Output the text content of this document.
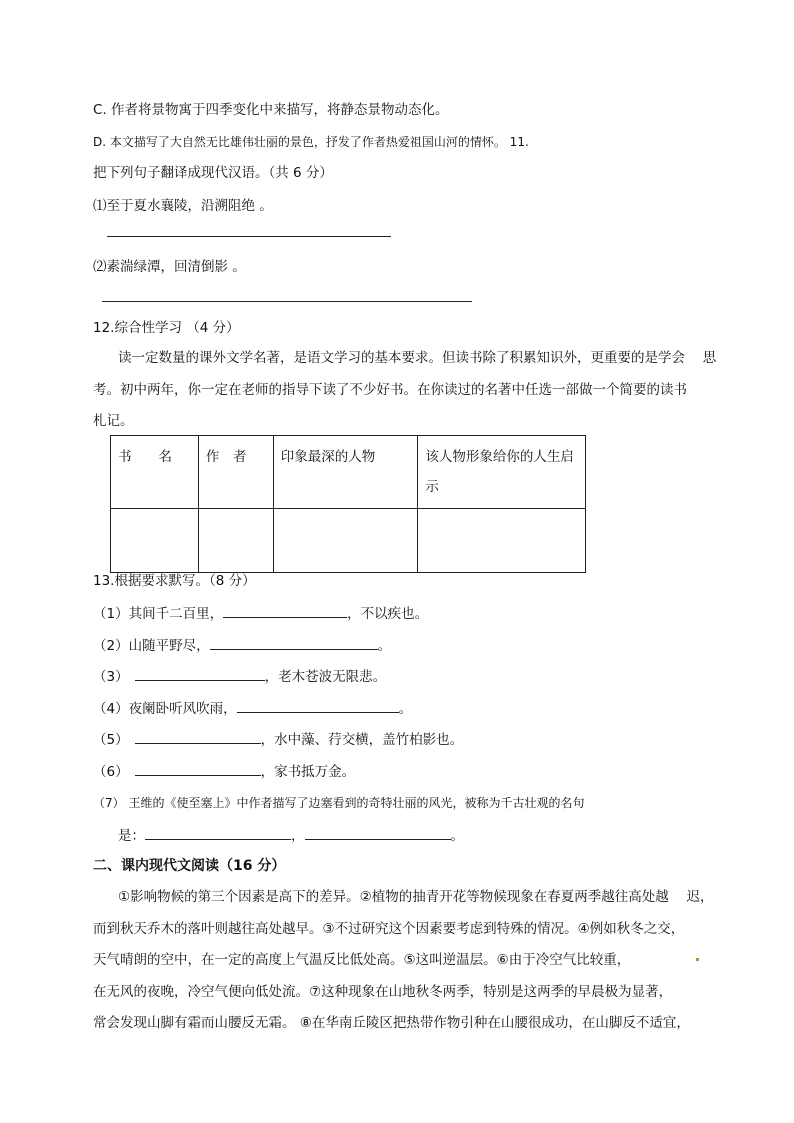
C. 作者将景物寓于四季变化中来描写，将静态景物动态化。
D. 本文描写了大自然无比雄伟壮丽的景色，抒发了作者热爱祖国山河的情怀。 11.
把下列句子翻译成现代汉语。（共 6 分）
⑴至于夏水襄陵，沿溯阻绝 。
⑵素湍绿潭，回清倒影 。
12.综合性学习 （4 分）
读一定数量的课外文学名著，是语文学习的基本要求。但读书除了积累知识外，更重要的是学会　 思
考。初中两年，你一定在老师的指导下读了不少好书。在你读过的名著中任选一部做一个简要的读书
札记。
书　　名	作　者	印象最深的人物	该人物形象给你的人生启示

13.根据要求默写。（8 分）
（1）其间千二百里，	，不以疾也。
（2）山随平野尽，	。
（3）	，老木苍波无限悲。
（4）夜阑卧听风吹雨，	。
（5）	，水中藻、荇交横，盖竹柏影也。
（6）	，家书抵万金。
（7） 王维的《使至塞上》中作者描写了边塞看到的奇特壮丽的风光，被称为千古壮观的名句
是：	，	。
二、课内现代文阅读（16 分）
①影响物候的第三个因素是高下的差异。②植物的抽青开花等物候现象在春夏两季越往高处越　 迟，
而到秋天乔木的落叶则越往高处越早。③不过研究这个因素要考虑到特殊的情况。④例如秋冬之交，
天气晴朗的空中，在一定的高度上气温反比低处高。⑤这叫逆温层。⑥由于冷空气比较重，
在无风的夜晚，冷空气便向低处流。⑦这种现象在山地秋冬两季，特别是这两季的早晨极为显著，
常会发现山脚有霜而山腰反无霜。 ⑧在华南丘陵区把热带作物引种在山腰很成功，在山脚反不适宜，
